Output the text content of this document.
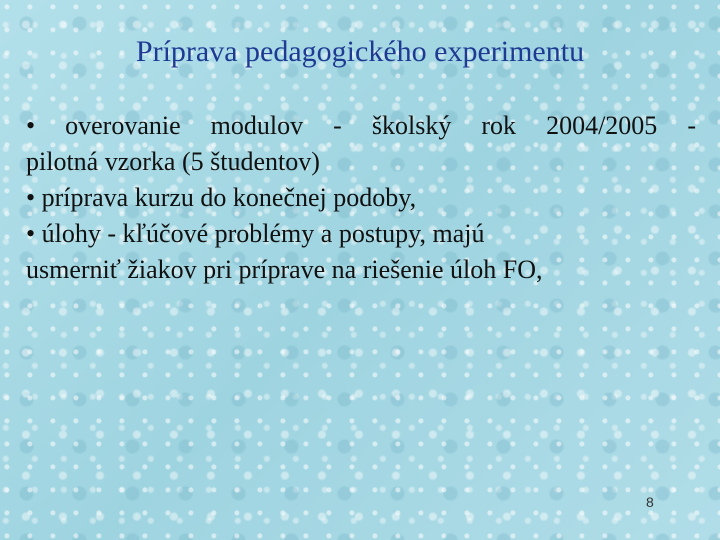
Príprava pedagogického experimentu
• overovanie modulov - školský rok 2004/2005 -
pilotná vzorka (5 študentov)
• príprava kurzu do konečnej podoby,
• úlohy - kľúčové problémy a postupy, majú
usmerniť žiakov pri príprave na riešenie úloh FO,
8
